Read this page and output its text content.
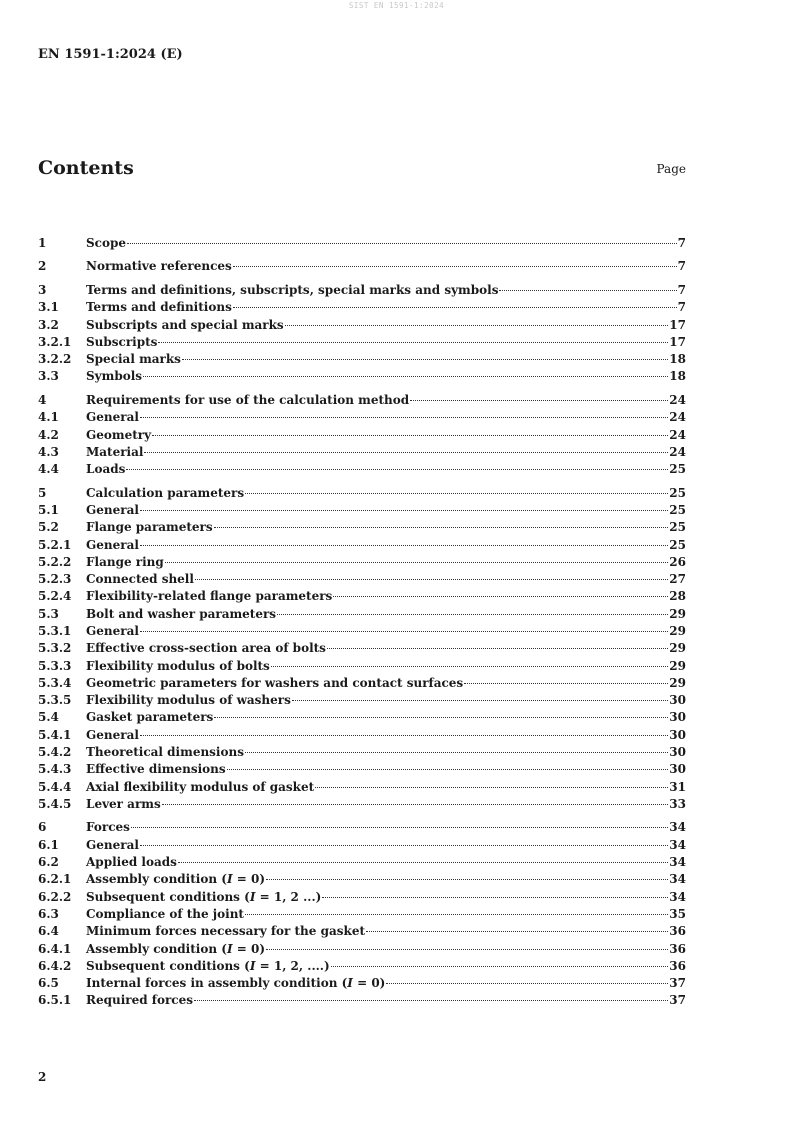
SIST EN 1591-1:2024
EN 1591-1:2024 (E)
Contents	Page
1	Scope	7
2	Normative references	7
3	Terms and definitions, subscripts, special marks and symbols	7
3.1	Terms and definitions	7
3.2	Subscripts and special marks	17
3.2.1	Subscripts	17
3.2.2	Special marks	18
3.3	Symbols	18
4	Requirements for use of the calculation method	24
4.1	General	24
4.2	Geometry	24
4.3	Material	24
4.4	Loads	25
5	Calculation parameters	25
5.1	General	25
5.2	Flange parameters	25
5.2.1	General	25
5.2.2	Flange ring	26
5.2.3	Connected shell	27
5.2.4	Flexibility-related flange parameters	28
5.3	Bolt and washer parameters	29
5.3.1	General	29
5.3.2	Effective cross-section area of bolts	29
5.3.3	Flexibility modulus of bolts	29
5.3.4	Geometric parameters for washers and contact surfaces	29
5.3.5	Flexibility modulus of washers	30
5.4	Gasket parameters	30
5.4.1	General	30
5.4.2	Theoretical dimensions	30
5.4.3	Effective dimensions	30
5.4.4	Axial flexibility modulus of gasket	31
5.4.5	Lever arms	33
6	Forces	34
6.1	General	34
6.2	Applied loads	34
6.2.1	Assembly condition (I = 0)	34
6.2.2	Subsequent conditions (I = 1, 2 ...)	34
6.3	Compliance of the joint	35
6.4	Minimum forces necessary for the gasket	36
6.4.1	Assembly condition (I = 0)	36
6.4.2	Subsequent conditions (I = 1, 2, ....)	36
6.5	Internal forces in assembly condition (I = 0)	37
6.5.1	Required forces	37
2
